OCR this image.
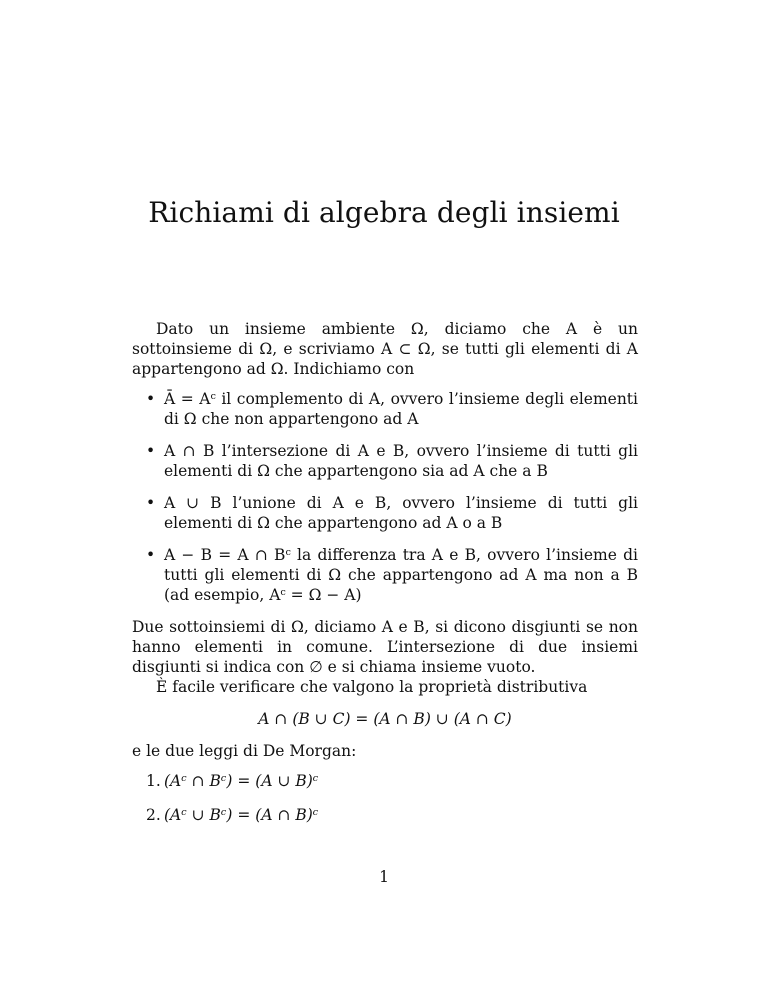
Richiami di algebra degli insiemi

Dato un insieme ambiente Ω, diciamo che A è un sottoinsieme di Ω, e scriviamo A ⊂ Ω, se tutti gli elementi di A appartengono ad Ω. Indichiamo con

• Ā = Aᶜ il complemento di A, ovvero l’insieme degli elementi di Ω che non appartengono ad A
• A ∩ B l’intersezione di A e B, ovvero l’insieme di tutti gli elementi di Ω che appartengono sia ad A che a B
• A ∪ B l’unione di A e B, ovvero l’insieme di tutti gli elementi di Ω che appartengono ad A o a B
• A − B = A ∩ Bᶜ la differenza tra A e B, ovvero l’insieme di tutti gli elementi di Ω che appartengono ad A ma non a B (ad esempio, Aᶜ = Ω − A)

Due sottoinsiemi di Ω, diciamo A e B, si dicono disgiunti se non hanno elementi in comune. L’intersezione di due insiemi disgiunti si indica con ∅ e si chiama insieme vuoto.

È facile verificare che valgono la proprietà distributiva

A ∩ (B ∪ C) = (A ∩ B) ∪ (A ∩ C)

e le due leggi di De Morgan:

1. (Aᶜ ∩ Bᶜ) = (A ∪ B)ᶜ
2. (Aᶜ ∪ Bᶜ) = (A ∩ B)ᶜ
1
